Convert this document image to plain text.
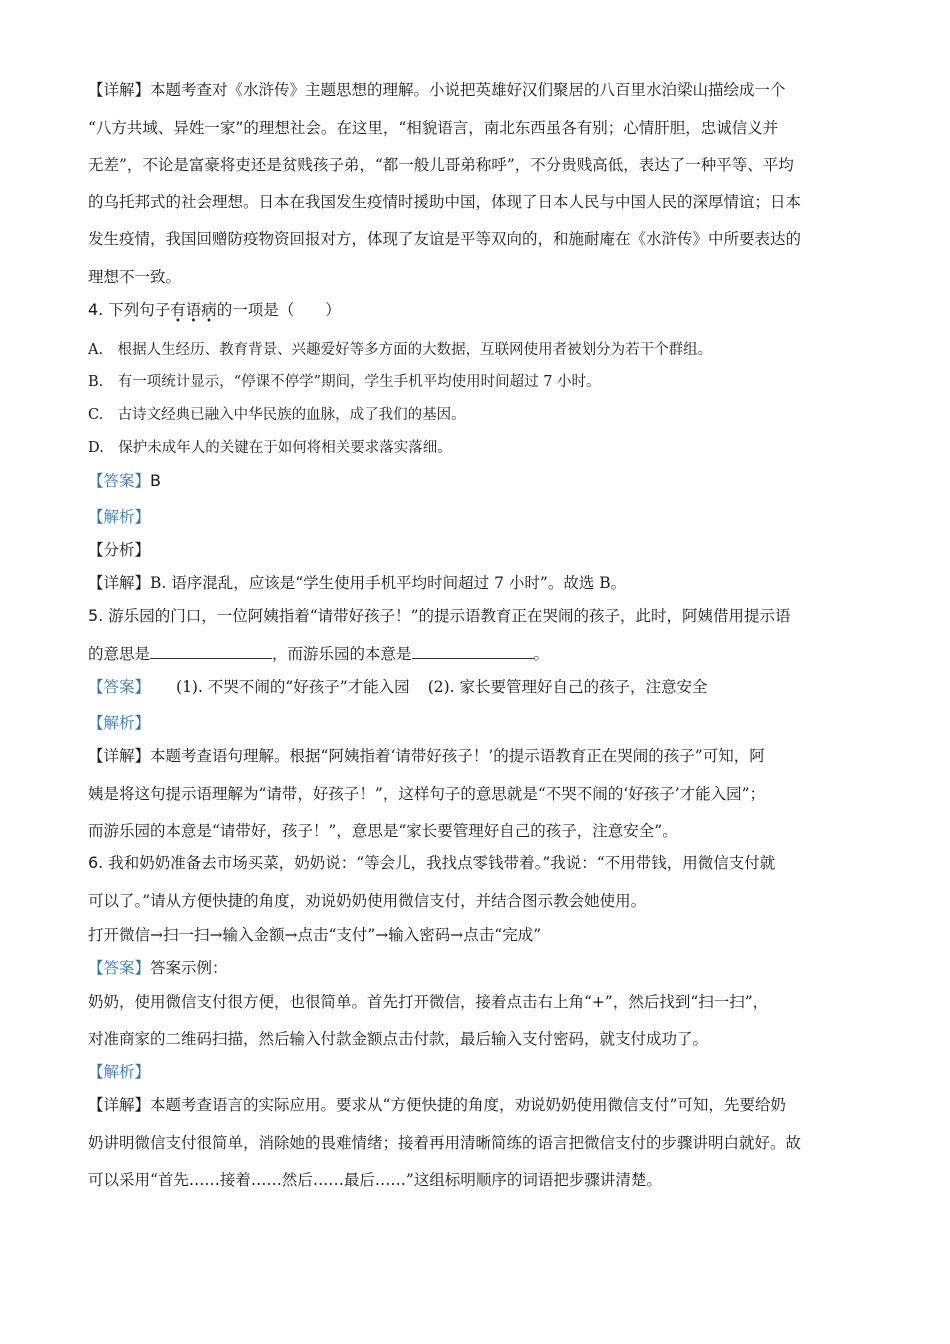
【详解】本题考查对《水浒传》主题思想的理解。小说把英雄好汉们聚居的八百里水泊梁山描绘成一个
“八方共域、异姓一家”的理想社会。在这里，“相貌语言，南北东西虽各有别；心情肝胆，忠诚信义并
无差”，不论是富豪将吏还是贫贱孩子弟，“都一般儿哥弟称呼”，不分贵贱高低，表达了一种平等、平均
的乌托邦式的社会理想。日本在我国发生疫情时援助中国，体现了日本人民与中国人民的深厚情谊；日本
发生疫情，我国回赠防疫物资回报对方，体现了友谊是平等双向的，和施耐庵在《水浒传》中所要表达的
理想不一致。
4. 下列句子有
•
语
•
病
•
的一项是（　　）
A.　根据人生经历、教育背景、兴趣爱好等多方面的大数据，互联网使用者被划分为若干个群组。
B.　有一项统计显示，“停课不停学”期间，学生手机平均使用时间超过 7 小时。
C.　古诗文经典已融入中华民族的血脉，成了我们的基因。
D.　保护未成年人的关键在于如何将相关要求落实落细。
【答案】B
【解析】
【分析】
【详解】B. 语序混乱，应该是“学生使用手机平均时间超过 7 小时”。故选 B。
5. 游乐园的门口，一位阿姨指着“请带好孩子！”的提示语教育正在哭闹的孩子，此时，阿姨借用提示语
的意思是	，而游乐园的本意是	。
【答案】 (1). 不哭不闹的“好孩子”才能入园 (2). 家长要管理好自己的孩子，注意安全
【解析】
【详解】本题考查语句理解。根据“阿姨指着‘请带好孩子！’的提示语教育正在哭闹的孩子”可知，阿
姨是将这句提示语理解为“请带，好孩子！”，这样句子的意思就是“不哭不闹的‘好孩子’才能入园”；
而游乐园的本意是“请带好，孩子！”，意思是“家长要管理好自己的孩子，注意安全”。
6. 我和奶奶准备去市场买菜，奶奶说：“等会儿，我找点零钱带着。”我说：“不用带钱，用微信支付就
可以了。”请从方便快捷的角度，劝说奶奶使用微信支付，并结合图示教会她使用。
打开微信→扫一扫→输入金额→点击“支付”→输入密码→点击“完成”
【答案】答案示例：
奶奶，使用微信支付很方便，也很简单。首先打开微信，接着点击右上角“+”，然后找到“扫一扫”，
对准商家的二维码扫描，然后输入付款金额点击付款，最后输入支付密码，就支付成功了。
【解析】
【详解】本题考查语言的实际应用。要求从“方便快捷的角度，劝说奶奶使用微信支付”可知，先要给奶
奶讲明微信支付很简单，消除她的畏难情绪；接着再用清晰简练的语言把微信支付的步骤讲明白就好。故
可以采用“首先……接着……然后……最后……”这组标明顺序的词语把步骤讲清楚。
